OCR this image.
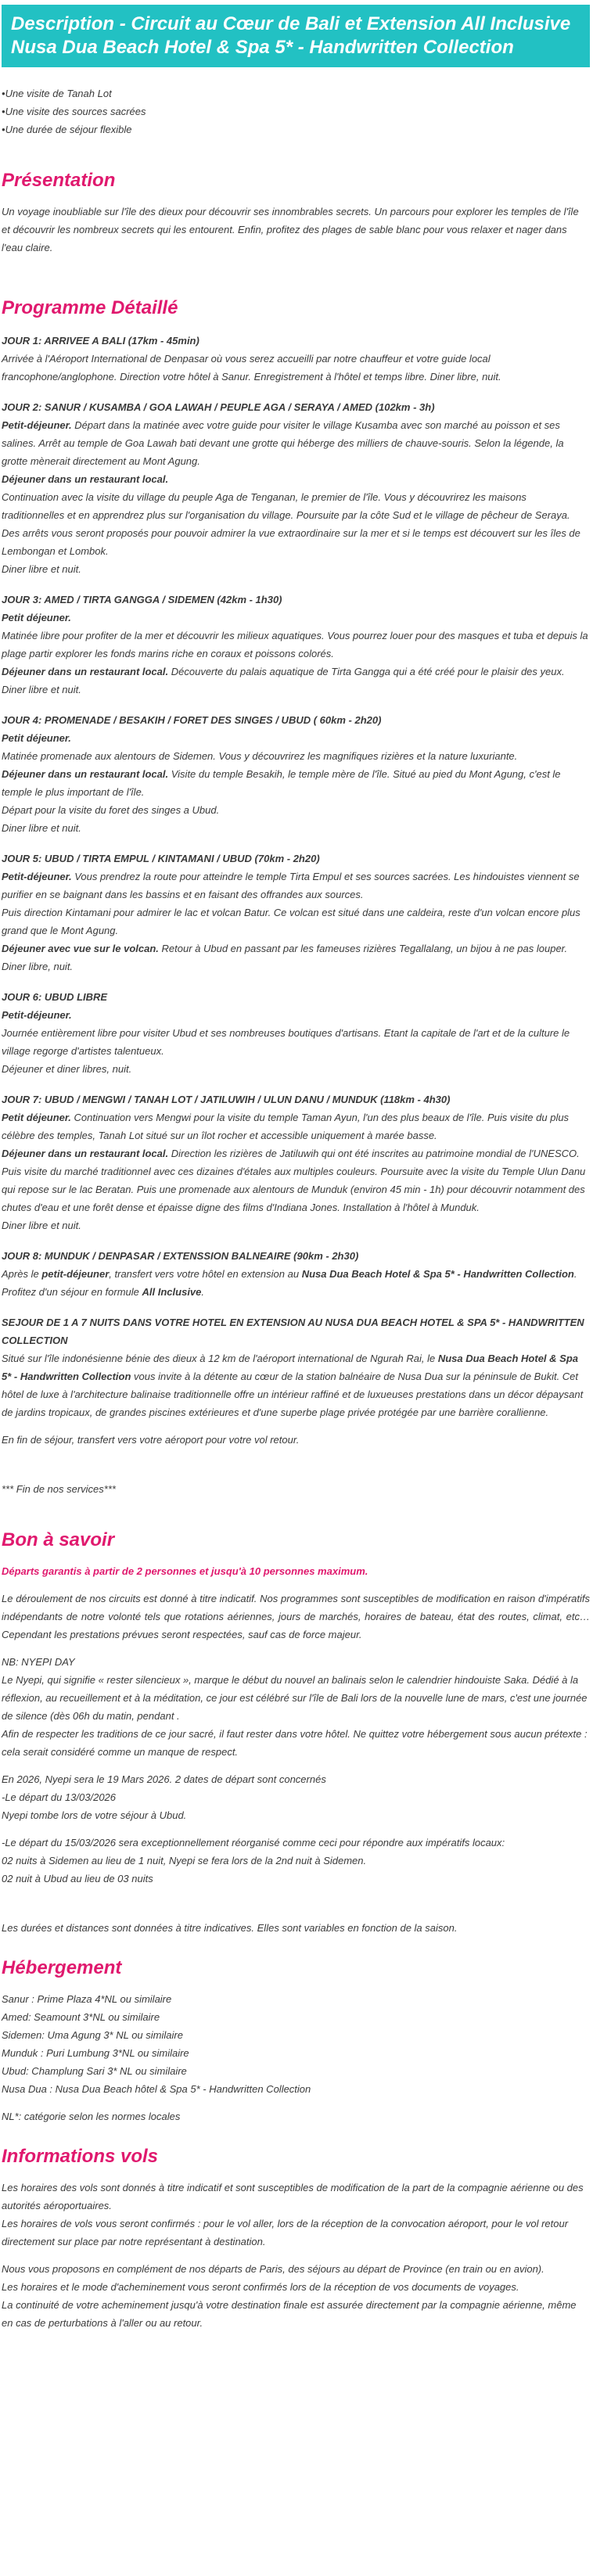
Description - Circuit au Cœur de Bali et Extension All Inclusive Nusa Dua Beach Hotel & Spa 5* - Handwritten Collection
• Une visite de Tanah Lot
• Une visite des sources sacrées
• Une durée de séjour flexible
Présentation

Un voyage inoubliable sur l'île des dieux pour découvrir ses innombrables secrets. Un parcours pour explorer les temples de l'île et découvrir les nombreux secrets qui les entourent. Enfin, profitez des plages de sable blanc pour vous relaxer et nager dans l'eau claire.

Programme Détaillé

JOUR 1: ARRIVEE A BALI (17km - 45min)

Arrivée à l'Aéroport International de Denpasar où vous serez accueilli par notre chauffeur et votre guide local francophone/anglophone. Direction votre hôtel à Sanur. Enregistrement à l'hôtel et temps libre. Diner libre, nuit.

JOUR 2: SANUR / KUSAMBA / GOA LAWAH / PEUPLE AGA / SERAYA / AMED (102km - 3h)

Petit-déjeuner. Départ dans la matinée avec votre guide pour visiter le village Kusamba avec son marché au poisson et ses salines. Arrêt au temple de Goa Lawah bati devant une grotte qui héberge des milliers de chauve-souris. Selon la légende, la grotte mènerait directement au Mont Agung.

Déjeuner dans un restaurant local.

Continuation avec la visite du village du peuple Aga de Tenganan, le premier de l'île. Vous y découvrirez les maisons traditionnelles et en apprendrez plus sur l'organisation du village. Poursuite par la côte Sud et le village de pêcheur de Seraya. Des arrêts vous seront proposés pour pouvoir admirer la vue extraordinaire sur la mer et si le temps est découvert sur les îles de Lembongan et Lombok.

Diner libre et nuit.

JOUR 3: AMED / TIRTA GANGGA / SIDEMEN (42km - 1h30)

Petit déjeuner.

Matinée libre pour profiter de la mer et découvrir les milieux aquatiques. Vous pourrez louer pour des masques et tuba et depuis la plage partir explorer les fonds marins riche en coraux et poissons colorés.

Déjeuner dans un restaurant local. Découverte du palais aquatique de Tirta Gangga qui a été créé pour le plaisir des yeux.

Diner libre et nuit.

JOUR 4: PROMENADE / BESAKIH / FORET DES SINGES / UBUD ( 60km - 2h20)

Petit déjeuner.

Matinée promenade aux alentours de Sidemen. Vous y découvrirez les magnifiques rizières et la nature luxuriante.

Déjeuner dans un restaurant local. Visite du temple Besakih, le temple mère de l'île. Situé au pied du Mont Agung, c'est le temple le plus important de l'île.

Départ pour la visite du foret des singes a Ubud.

Diner libre et nuit.

JOUR 5: UBUD / TIRTA EMPUL / KINTAMANI / UBUD (70km - 2h20)

Petit-déjeuner. Vous prendrez la route pour atteindre le temple Tirta Empul et ses sources sacrées. Les hindouistes viennent se purifier en se baignant dans les bassins et en faisant des offrandes aux sources.

Puis direction Kintamani pour admirer le lac et volcan Batur. Ce volcan est situé dans une caldeira, reste d'un volcan encore plus grand que le Mont Agung.

Déjeuner avec vue sur le volcan. Retour à Ubud en passant par les fameuses rizières Tegallalang, un bijou à ne pas louper.

Diner libre, nuit.

JOUR 6: UBUD LIBRE

Petit-déjeuner.

Journée entièrement libre pour visiter Ubud et ses nombreuses boutiques d'artisans. Etant la capitale de l'art et de la culture le village regorge d'artistes talentueux.

Déjeuner et diner libres, nuit.

JOUR 7: UBUD / MENGWI / TANAH LOT / JATILUWIH / ULUN DANU / MUNDUK (118km - 4h30)

Petit déjeuner. Continuation vers Mengwi pour la visite du temple Taman Ayun, l'un des plus beaux de l'île. Puis visite du plus célèbre des temples, Tanah Lot situé sur un îlot rocher et accessible uniquement à marée basse.

Déjeuner dans un restaurant local. Direction les rizières de Jatiluwih qui ont été inscrites au patrimoine mondial de l'UNESCO. Puis visite du marché traditionnel avec ces dizaines d'étales aux multiples couleurs. Poursuite avec la visite du Temple Ulun Danu qui repose sur le lac Beratan. Puis une promenade aux alentours de Munduk (environ 45 min - 1h) pour découvrir notamment des chutes d'eau et une forêt dense et épaisse digne des films d'Indiana Jones. Installation à l'hôtel à Munduk.

Diner libre et nuit.

JOUR 8: MUNDUK / DENPASAR / EXTENSSION BALNEAIRE (90km - 2h30)

Après le petit-déjeuner, transfert vers votre hôtel en extension au Nusa Dua Beach Hotel & Spa 5* - Handwritten Collection.

Profitez d'un séjour en formule All Inclusive.

SEJOUR DE 1 A 7 NUITS DANS VOTRE HOTEL EN EXTENSION AU NUSA DUA BEACH HOTEL & SPA 5* - HANDWRITTEN COLLECTION

Situé sur l'île indonésienne bénie des dieux à 12 km de l'aéroport international de Ngurah Rai, le Nusa Dua Beach Hotel & Spa 5* - Handwritten Collection vous invite à la détente au cœur de la station balnéaire de Nusa Dua sur la péninsule de Bukit. Cet hôtel de luxe à l'architecture balinaise traditionnelle offre un intérieur raffiné et de luxueuses prestations dans un décor dépaysant de jardins tropicaux, de grandes piscines extérieures et d'une superbe plage privée protégée par une barrière corallienne.

En fin de séjour, transfert vers votre aéroport pour votre vol retour.

*** Fin de nos services***

Bon à savoir

Départs garantis à partir de 2 personnes et jusqu'à 10 personnes maximum.

Le déroulement de nos circuits est donné à titre indicatif. Nos programmes sont susceptibles de modification en raison d'impératifs indépendants de notre volonté tels que rotations aériennes, jours de marchés, horaires de bateau, état des routes, climat, etc… Cependant les prestations prévues seront respectées, sauf cas de force majeur.

NB: NYEPI DAY

Le Nyepi, qui signifie « rester silencieux », marque le début du nouvel an balinais selon le calendrier hindouiste Saka. Dédié à la réflexion, au recueillement et à la méditation, ce jour est célébré sur l'île de Bali lors de la nouvelle lune de mars, c'est une journée de silence (dès 06h du matin, pendant .

Afin de respecter les traditions de ce jour sacré, il faut rester dans votre hôtel. Ne quittez votre hébergement sous aucun prétexte : cela serait considéré comme un manque de respect.

En 2026, Nyepi sera le 19 Mars 2026. 2 dates de départ sont concernés

-Le départ du 13/03/2026

Nyepi tombe lors de votre séjour à Ubud.

-Le départ du 15/03/2026 sera exceptionnellement réorganisé comme ceci pour répondre aux impératifs locaux:

02 nuits à Sidemen au lieu de 1 nuit, Nyepi se fera lors de la 2nd nuit à Sidemen.

02 nuit à Ubud au lieu de 03 nuits

Les durées et distances sont données à titre indicatives. Elles sont variables en fonction de la saison.

Hébergement

Sanur : Prime Plaza 4*NL ou similaire

Amed: Seamount 3*NL ou similaire

Sidemen: Uma Agung 3* NL ou similaire

Munduk : Puri Lumbung 3*NL ou similaire

Ubud: Champlung Sari 3* NL ou similaire

Nusa Dua : Nusa Dua Beach hôtel & Spa 5* - Handwritten Collection

NL*: catégorie selon les normes locales

Informations vols

Les horaires des vols sont donnés à titre indicatif et sont susceptibles de modification de la part de la compagnie aérienne ou des autorités aéroportuaires.

Les horaires de vols vous seront confirmés : pour le vol aller, lors de la réception de la convocation aéroport, pour le vol retour directement sur place par notre représentant à destination.

Nous vous proposons en complément de nos départs de Paris, des séjours au départ de Province (en train ou en avion).

Les horaires et le mode d'acheminement vous seront confirmés lors de la réception de vos documents de voyages.

La continuité de votre acheminement jusqu'à votre destination finale est assurée directement par la compagnie aérienne, même en cas de perturbations à l'aller ou au retour.
